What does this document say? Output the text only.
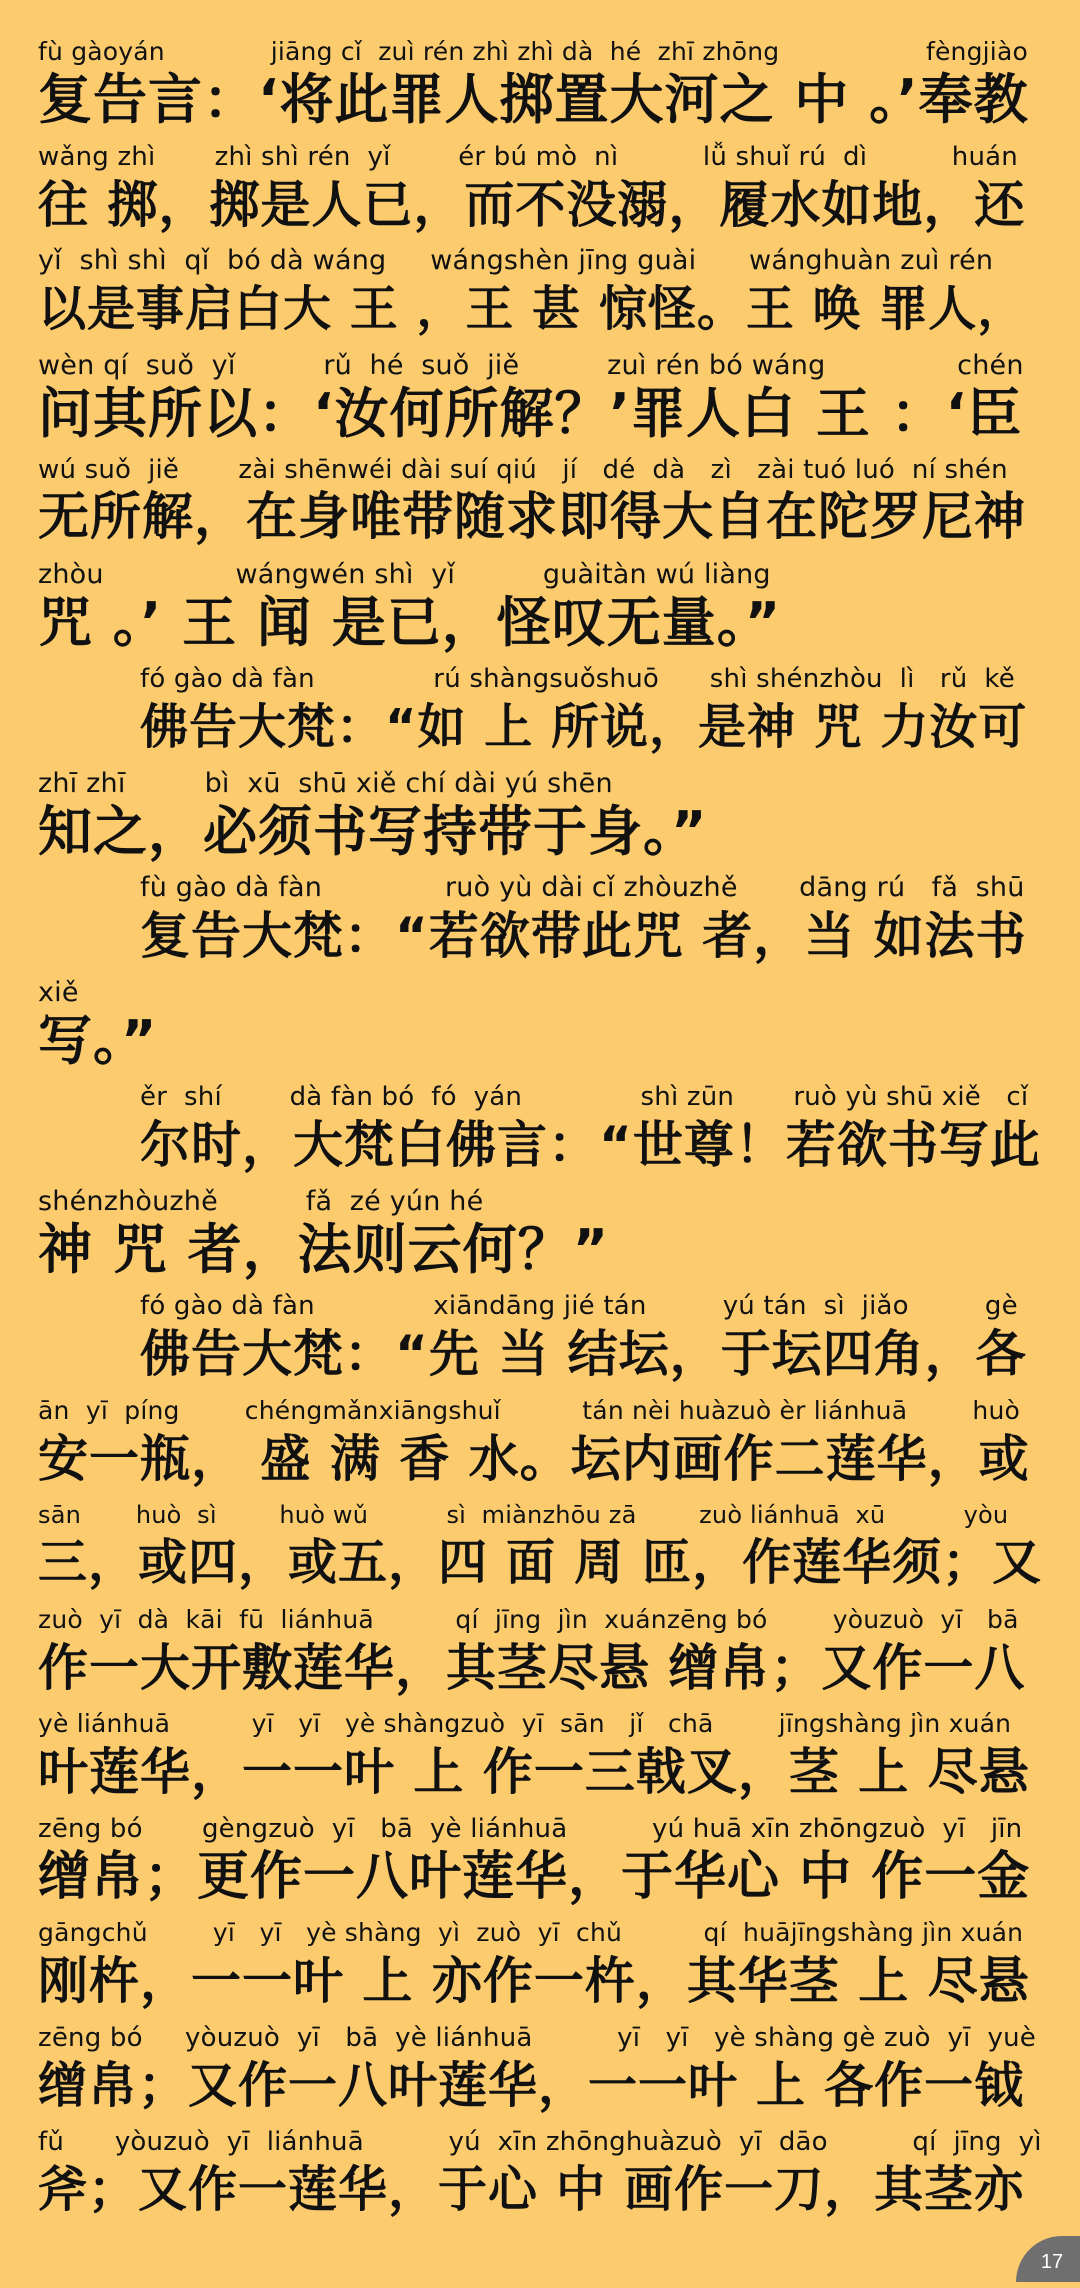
fù gàoyán             jiāng cǐ  zuì rén zhì zhì dà  hé  zhī zhōng                  fèngjiào
复告言：‘将此罪人掷置大河之 中 。’奉教
wǎng zhì       zhì shì rén  yǐ        ér bú mò  nì          lǚ shuǐ rú  dì          huán
往 掷，掷是人已，而不没溺，履水如地，还
yǐ  shì shì  qǐ  bó dà wáng     wángshèn jīng guài      wánghuàn zuì rén
以是事启白大 王 ，王 甚 惊怪。王 唤 罪人，
wèn qí  suǒ  yǐ          rǔ  hé  suǒ  jiě          zuì rén bó wáng               chén
问其所以：‘汝何所解？’罪人白 王 ：‘臣
wú suǒ  jiě       zài shēnwéi dài suí qiú   jí   dé  dà   zì   zài tuó luó  ní shén
无所解，在身唯带随求即得大自在陀罗尼神
zhòu               wángwén shì  yǐ          guàitàn wú liàng
咒 。’ 王 闻 是已，怪叹无量。”
fó gào dà fàn              rú shàngsuǒshuō      shì shénzhòu  lì   rǔ  kě
佛告大梵：“如 上 所说，是神 咒 力汝可
zhī zhī         bì  xū  shū xiě chí dài yú shēn
知之，必须书写持带于身。”
fù gào dà fàn              ruò yù dài cǐ zhòuzhě       dāng rú   fǎ  shū
复告大梵：“若欲带此咒 者，当 如法书
xiě
写。”
ěr  shí        dà fàn bó  fó  yán              shì zūn       ruò yù shū xiě   cǐ
尔时，大梵白佛言：“世尊！若欲书写此
shénzhòuzhě          fǎ  zé yún hé
神 咒 者，法则云何？”
fó gào dà fàn              xiāndāng jié tán         yú tán  sì  jiǎo         gè
佛告大梵：“先 当 结坛，于坛四角，各
ān  yī  píng        chéngmǎnxiāngshuǐ          tán nèi huàzuò èr liánhuā        huò
安一瓶， 盛 满 香 水。坛内画作二莲华，或
sān       huò  sì        huò wǔ          sì  miànzhōu zā        zuò liánhuā  xū          yòu
三，或四，或五，四 面 周 匝，作莲华须；又
zuò  yī  dà  kāi  fū  liánhuā          qí  jīng  jìn  xuánzēng bó        yòuzuò  yī   bā
作一大开敷莲华，其茎尽悬 缯帛；又作一八
yè liánhuā          yī   yī   yè shàngzuò  yī  sān   jǐ   chā        jīngshàng jìn xuán
叶莲华，一一叶 上 作一三戟叉，茎 上 尽悬
zēng bó       gèngzuò  yī   bā  yè liánhuā          yú huā xīn zhōngzuò  yī   jīn
缯帛；更作一八叶莲华，于华心 中 作一金
gāngchǔ        yī   yī   yè shàng  yì  zuò  yī  chǔ          qí  huājīngshàng jìn xuán
刚杵，一一叶 上 亦作一杵，其华茎 上 尽悬
zēng bó     yòuzuò  yī   bā  yè liánhuā          yī   yī   yè shàng gè zuò  yī  yuè
缯帛；又作一八叶莲华，一一叶 上 各作一钺
fǔ      yòuzuò  yī  liánhuā          yú  xīn zhōnghuàzuò  yī  dāo          qí  jīng  yì
斧；又作一莲华，于心 中 画作一刀，其茎亦
17
